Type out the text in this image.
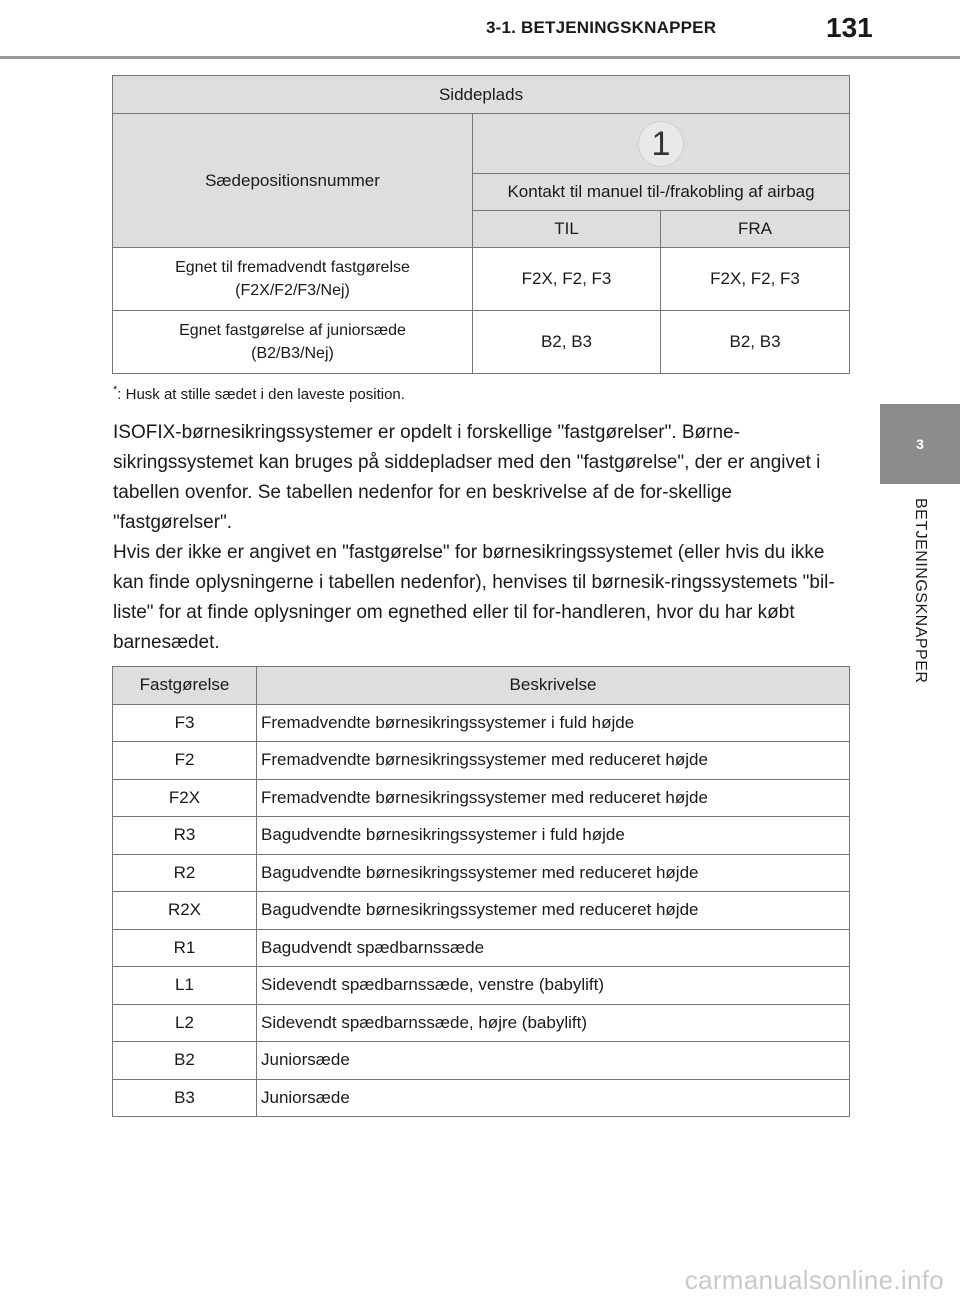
3-1. BETJENINGSKNAPPER	131
3
BETJENINGSKNAPPER
Siddeplads		
Sædepositionsnummer	1	
	Kontakt til manuel til-/frakobling af airbag	
	TIL	FRA

Egnet til fremadvendt fastgørelse
(F2X/F2/F3/Nej)	F2X, F2, F3	F2X, F2, F3

Egnet fastgørelse af juniorsæde
(B2/B3/Nej)	B2, B3	B2, B3
*: Husk at stille sædet i den laveste position.
ISOFIX-børnesikringssystemer er opdelt i forskellige "fastgørelser". Børne-sikringssystemet kan bruges på siddepladser med den "fastgørelse", der er angivet i tabellen ovenfor. Se tabellen nedenfor for en beskrivelse af de for-skellige "fastgørelser".
Hvis der ikke er angivet en "fastgørelse" for børnesikringssystemet (eller hvis du ikke kan finde oplysningerne i tabellen nedenfor), henvises til børnesik-ringssystemets "bil-liste" for at finde oplysninger om egnethed eller til for-handleren, hvor du har købt barnesædet.
Fastgørelse	Beskrivelse
F3	Fremadvendte børnesikringssystemer i fuld højde
F2	Fremadvendte børnesikringssystemer med reduceret højde
F2X	Fremadvendte børnesikringssystemer med reduceret højde
R3	Bagudvendte børnesikringssystemer i fuld højde
R2	Bagudvendte børnesikringssystemer med reduceret højde
R2X	Bagudvendte børnesikringssystemer med reduceret højde
R1	Bagudvendt spædbarnssæde
L1	Sidevendt spædbarnssæde, venstre (babylift)
L2	Sidevendt spædbarnssæde, højre (babylift)
B2	Juniorsæde
B3	Juniorsæde
carmanualsonline.info
